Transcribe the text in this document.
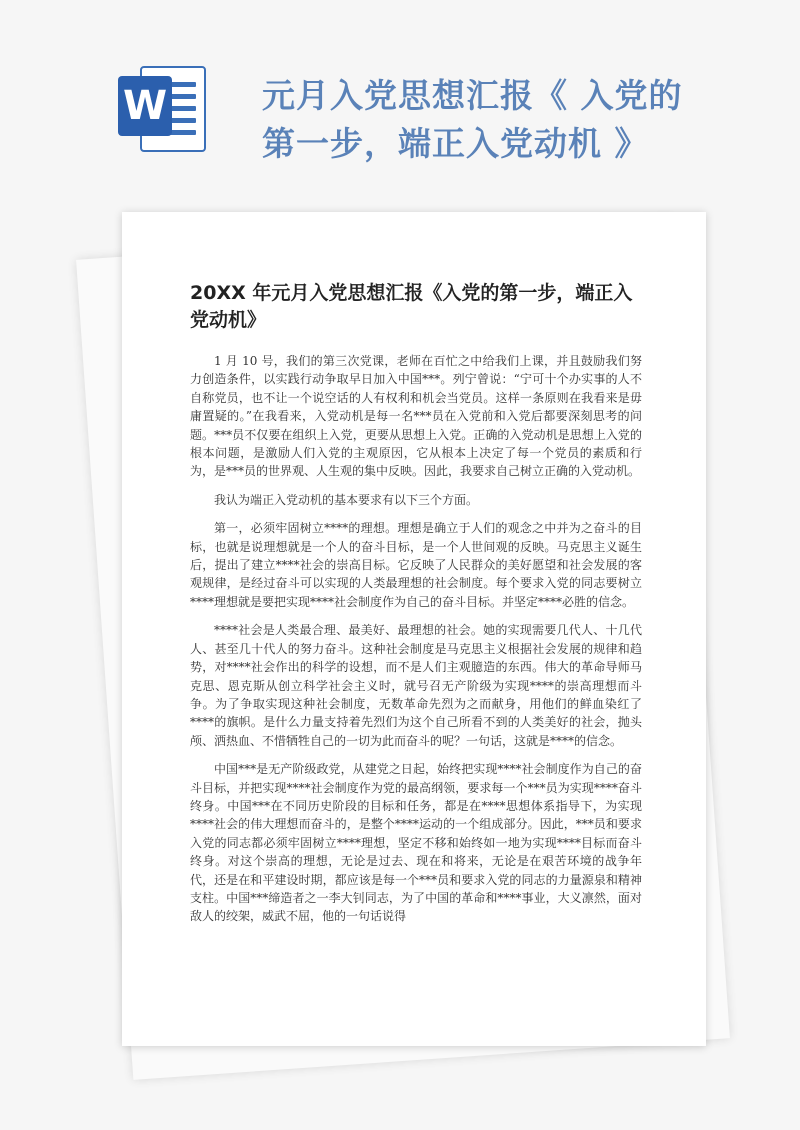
W	元月入党思想汇报《 入党的第一步，端正入党动机 》
20XX 年元月入党思想汇报《入党的第一步，端正入党动机》

1 月 10 号，我们的第三次党课，老师在百忙之中给我们上课，并且鼓励我们努力创造条件，以实践行动争取早日加入中国***。列宁曾说：“宁可十个办实事的人不自称党员，也不让一个说空话的人有权利和机会当党员。这样一条原则在我看来是毋庸置疑的。”在我看来，入党动机是每一名***员在入党前和入党后都要深刻思考的问题。***员不仅要在组织上入党，更要从思想上入党。正确的入党动机是思想上入党的根本问题，是激励人们入党的主观原因，它从根本上决定了每一个党员的素质和行为，是***员的世界观、人生观的集中反映。因此，我要求自己树立正确的入党动机。

我认为端正入党动机的基本要求有以下三个方面。

第一，必须牢固树立****的理想。理想是确立于人们的观念之中并为之奋斗的目标，也就是说理想就是一个人的奋斗目标，是一个人世间观的反映。马克思主义诞生后，提出了建立****社会的崇高目标。它反映了人民群众的美好愿望和社会发展的客观规律，是经过奋斗可以实现的人类最理想的社会制度。每个要求入党的同志要树立****理想就是要把实现****社会制度作为自己的奋斗目标。并坚定****必胜的信念。

****社会是人类最合理、最美好、最理想的社会。她的实现需要几代人、十几代人、甚至几十代人的努力奋斗。这种社会制度是马克思主义根据社会发展的规律和趋势，对****社会作出的科学的设想，而不是人们主观臆造的东西。伟大的革命导师马克思、恩克斯从创立科学社会主义时，就号召无产阶级为实现****的崇高理想而斗争。为了争取实现这种社会制度，无数革命先烈为之而献身，用他们的鲜血染红了****的旗帜。是什么力量支持着先烈们为这个自己所看不到的人类美好的社会，抛头颅、洒热血、不惜牺牲自己的一切为此而奋斗的呢？一句话，这就是****的信念。

中国***是无产阶级政党，从建党之日起，始终把实现****社会制度作为自己的奋斗目标，并把实现****社会制度作为党的最高纲领，要求每一个***员为实现****奋斗终身。中国***在不同历史阶段的目标和任务，都是在****思想体系指导下，为实现****社会的伟大理想而奋斗的，是整个****运动的一个组成部分。因此，***员和要求入党的同志都必须牢固树立****理想，坚定不移和始终如一地为实现****目标而奋斗终身。对这个崇高的理想，无论是过去、现在和将来，无论是在艰苦环境的战争年代，还是在和平建设时期，都应该是每一个***员和要求入党的同志的力量源泉和精神支柱。中国***缔造者之一李大钊同志，为了中国的革命和****事业，大义凛然，面对敌人的绞架，威武不屈，他的一句话说得
